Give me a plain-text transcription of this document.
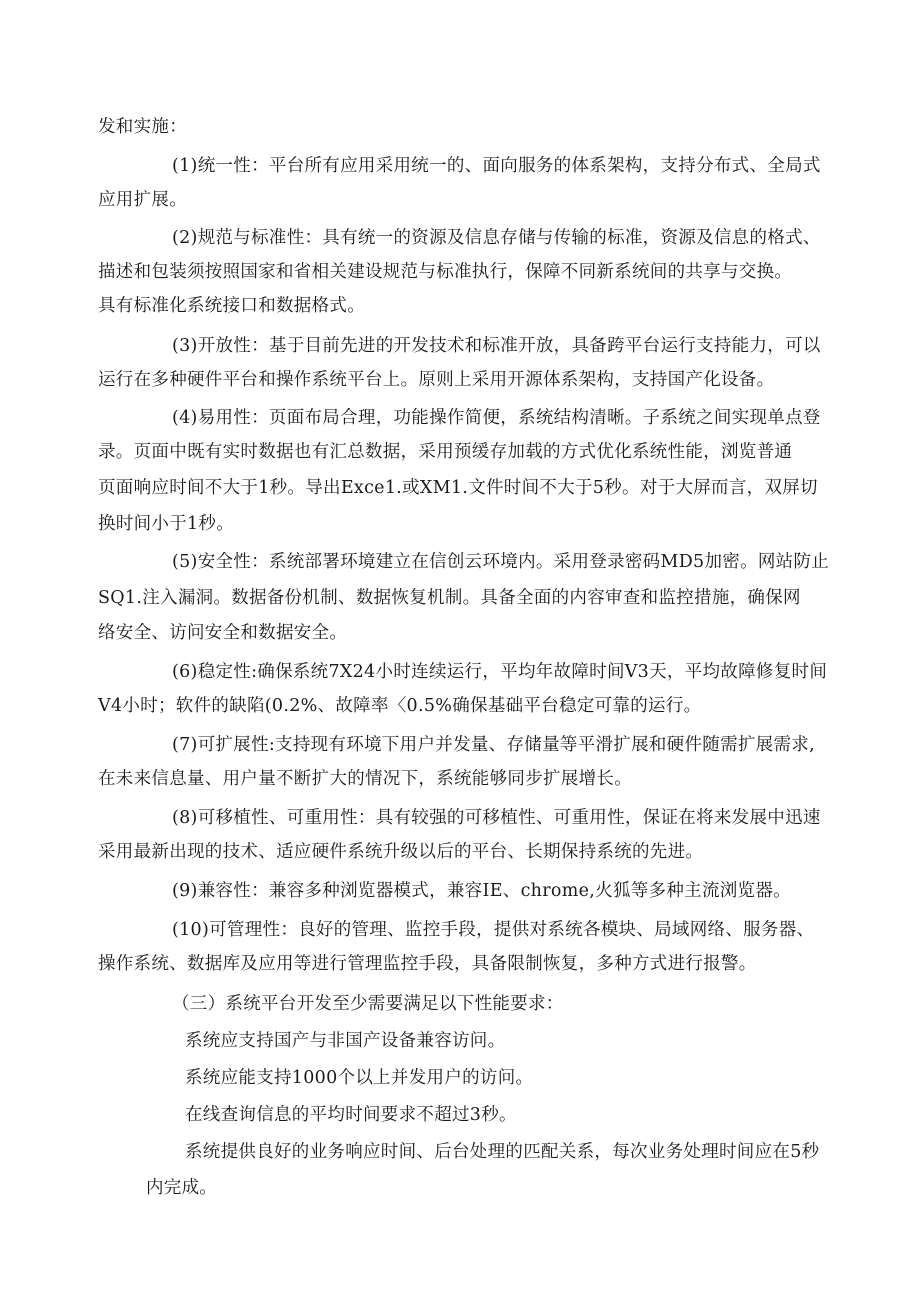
发和实施：

(1)统一性：平台所有应用采用统一的、面向服务的体系架构，支持分布式、全局式

应用扩展。

(2)规范与标准性：具有统一的资源及信息存储与传输的标准，资源及信息的格式、

描述和包装须按照国家和省相关建设规范与标准执行，保障不同新系统间的共享与交换。

具有标准化系统接口和数据格式。

(3)开放性：基于目前先进的开发技术和标准开放，具备跨平台运行支持能力，可以

运行在多种硬件平台和操作系统平台上。原则上采用开源体系架构，支持国产化设备。

(4)易用性：页面布局合理，功能操作简便，系统结构清晰。子系统之间实现单点登

录。页面中既有实时数据也有汇总数据，采用预缓存加载的方式优化系统性能，浏览普通

页面响应时间不大于1秒。导出Exce1.或XM1.文件时间不大于5秒。对于大屏而言，双屏切

换时间小于1秒。

(5)安全性：系统部署环境建立在信创云环境内。采用登录密码MD5加密。网站防止

SQ1.注入漏洞。数据备份机制、数据恢复机制。具备全面的内容审查和监控措施，确保网

络安全、访问安全和数据安全。

(6)稳定性:确保系统7X24小时连续运行，平均年故障时间V3天，平均故障修复时间

V4小时；软件的缺陷(0.2%、故障率〈0.5%确保基础平台稳定可靠的运行。

(7)可扩展性:支持现有环境下用户并发量、存储量等平滑扩展和硬件随需扩展需求,

在未来信息量、用户量不断扩大的情况下，系统能够同步扩展增长。

(8)可移植性、可重用性：具有较强的可移植性、可重用性，保证在将来发展中迅速

采用最新出现的技术、适应硬件系统升级以后的平台、长期保持系统的先进。

(9)兼容性：兼容多种浏览器模式，兼容IE、chrome,火狐等多种主流浏览器。

(10)可管理性：良好的管理、监控手段，提供对系统各模块、局域网络、服务器、

操作系统、数据库及应用等进行管理监控手段，具备限制恢复，多种方式进行报警。

（三）系统平台开发至少需要满足以下性能要求：

系统应支持国产与非国产设备兼容访问。

系统应能支持1000个以上并发用户的访问。

在线查询信息的平均时间要求不超过3秒。

系统提供良好的业务响应时间、后台处理的匹配关系，每次业务处理时间应在5秒

内完成。
